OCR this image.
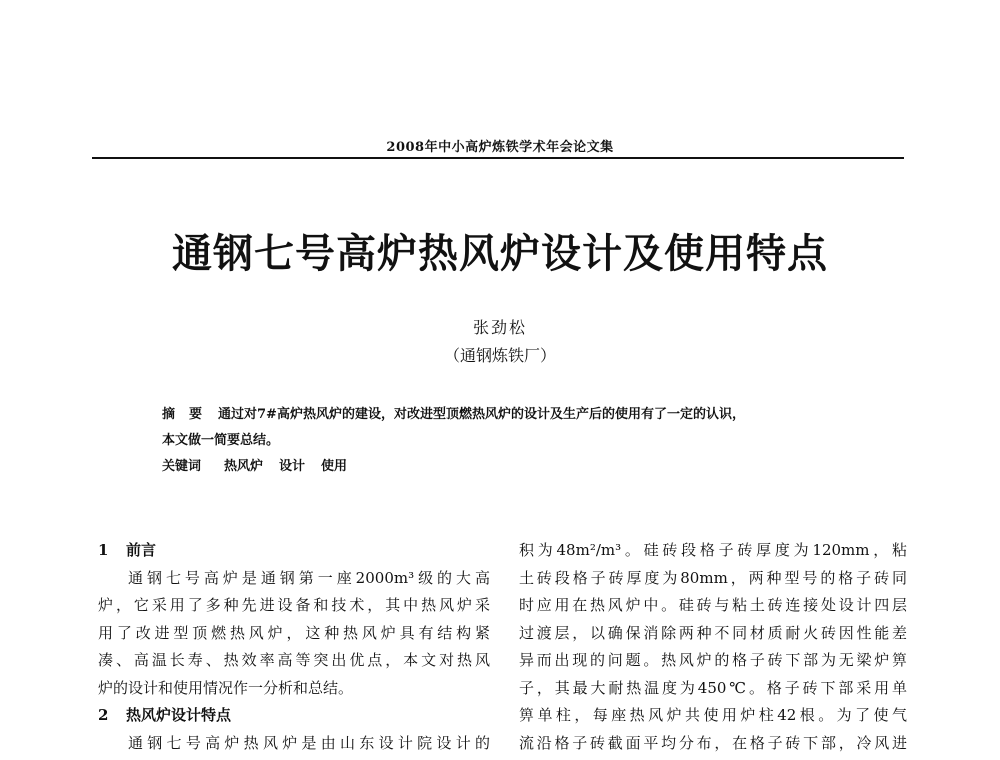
2008年中小高炉炼铁学术年会论文集
通钢七号高炉热风炉设计及使用特点
张劲松
（通钢炼铁厂）
摘要 通过对7#高炉热风炉的建设，对改进型顶燃热风炉的设计及生产后的使用有了一定的认识，
本文做一简要总结。
关键词 热风炉 设计 使用
1 前言
通钢七号高炉是通钢第一座2000m³级的大高
炉，它采用了多种先进设备和技术，其中热风炉采
用了改进型顶燃热风炉，这种热风炉具有结构紧
凑、高温长寿、热效率高等突出优点，本文对热风
炉的设计和使用情况作一分析和总结。
2 热风炉设计特点
通钢七号高炉热风炉是由山东设计院设计的
积为48m²/m³。硅砖段格子砖厚度为120mm，粘
土砖段格子砖厚度为80mm，两种型号的格子砖同
时应用在热风炉中。硅砖与粘土砖连接处设计四层
过渡层，以确保消除两种不同材质耐火砖因性能差
异而出现的问题。热风炉的格子砖下部为无梁炉箅
子，其最大耐热温度为450℃。格子砖下部采用单
箅单柱，每座热风炉共使用炉柱42根。为了使气
流沿格子砖截面平均分布，在格子砖下部，冷风进
